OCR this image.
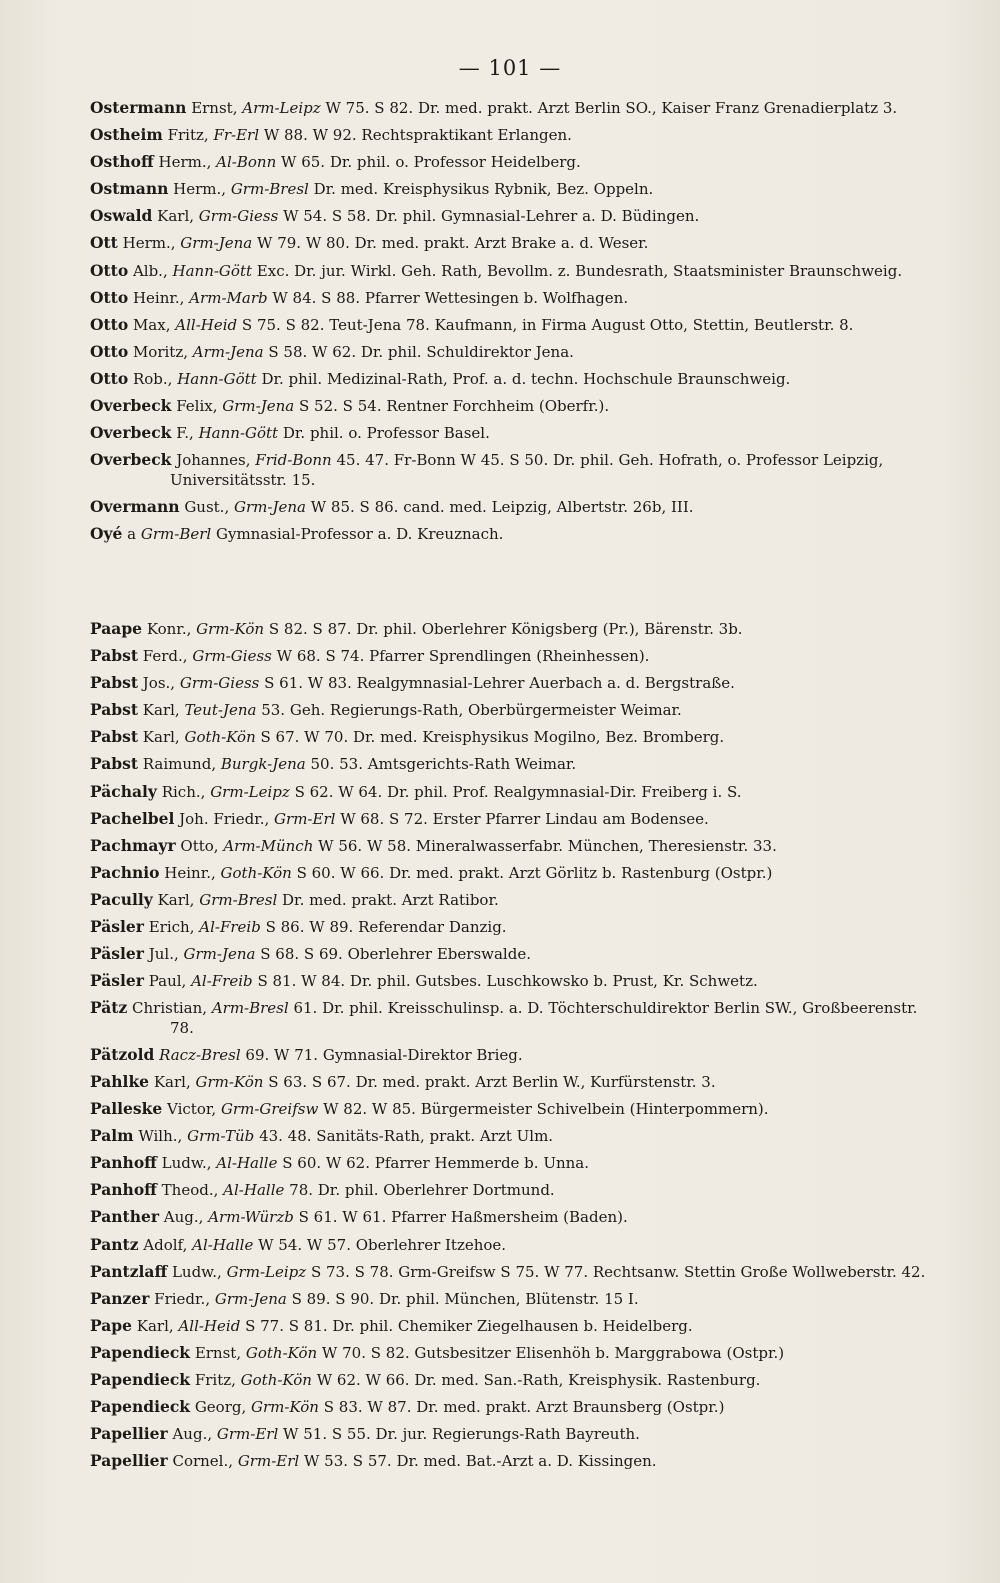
— 101 —
Ostermann Ernst, Arm-Leipz W 75. S 82. Dr. med. prakt. Arzt Berlin SO., Kaiser Franz Grenadierplatz 3.
Ostheim Fritz, Fr-Erl W 88. W 92. Rechtspraktikant Erlangen.
Osthoff Herm., Al-Bonn W 65. Dr. phil. o. Professor Heidelberg.
Ostmann Herm., Grm-Bresl Dr. med. Kreisphysikus Rybnik, Bez. Oppeln.
Oswald Karl, Grm-Giess W 54. S 58. Dr. phil. Gymnasial-Lehrer a. D. Büdingen.
Ott Herm., Grm-Jena W 79. W 80. Dr. med. prakt. Arzt Brake a. d. Weser.
Otto Alb., Hann-Gött Exc. Dr. jur. Wirkl. Geh. Rath, Bevollm. z. Bundesrath, Staatsminister Braunschweig.
Otto Heinr., Arm-Marb W 84. S 88. Pfarrer Wettesingen b. Wolfhagen.
Otto Max, All-Heid S 75. S 82. Teut-Jena 78. Kaufmann, in Firma August Otto, Stettin, Beutlerstr. 8.
Otto Moritz, Arm-Jena S 58. W 62. Dr. phil. Schuldirektor Jena.
Otto Rob., Hann-Gött Dr. phil. Medizinal-Rath, Prof. a. d. techn. Hochschule Braunschweig.
Overbeck Felix, Grm-Jena S 52. S 54. Rentner Forchheim (Oberfr.).
Overbeck F., Hann-Gött Dr. phil. o. Professor Basel.
Overbeck Johannes, Frid-Bonn 45. 47. Fr-Bonn W 45. S 50. Dr. phil. Geh. Hofrath, o. Professor Leipzig, Universitätsstr. 15.
Overmann Gust., Grm-Jena W 85. S 86. cand. med. Leipzig, Albertstr. 26b, III.
Oyé a Grm-Berl Gymnasial-Professor a. D. Kreuznach.
Paape Konr., Grm-Kön S 82. S 87. Dr. phil. Oberlehrer Königsberg (Pr.), Bärenstr. 3b.
Pabst Ferd., Grm-Giess W 68. S 74. Pfarrer Sprendlingen (Rheinhessen).
Pabst Jos., Grm-Giess S 61. W 83. Realgymnasial-Lehrer Auerbach a. d. Bergstraße.
Pabst Karl, Teut-Jena 53. Geh. Regierungs-Rath, Oberbürgermeister Weimar.
Pabst Karl, Goth-Kön S 67. W 70. Dr. med. Kreisphysikus Mogilno, Bez. Bromberg.
Pabst Raimund, Burgk-Jena 50. 53. Amtsgerichts-Rath Weimar.
Pächaly Rich., Grm-Leipz S 62. W 64. Dr. phil. Prof. Realgymnasial-Dir. Freiberg i. S.
Pachelbel Joh. Friedr., Grm-Erl W 68. S 72. Erster Pfarrer Lindau am Bodensee.
Pachmayr Otto, Arm-Münch W 56. W 58. Mineralwasserfabr. München, Theresienstr. 33.
Pachnio Heinr., Goth-Kön S 60. W 66. Dr. med. prakt. Arzt Görlitz b. Rastenburg (Ostpr.)
Pacully Karl, Grm-Bresl Dr. med. prakt. Arzt Ratibor.
Päsler Erich, Al-Freib S 86. W 89. Referendar Danzig.
Päsler Jul., Grm-Jena S 68. S 69. Oberlehrer Eberswalde.
Päsler Paul, Al-Freib S 81. W 84. Dr. phil. Gutsbes. Luschkowsko b. Prust, Kr. Schwetz.
Pätz Christian, Arm-Bresl 61. Dr. phil. Kreisschulinsp. a. D. Töchterschuldirektor Berlin SW., Großbeerenstr. 78.
Pätzold Racz-Bresl 69. W 71. Gymnasial-Direktor Brieg.
Pahlke Karl, Grm-Kön S 63. S 67. Dr. med. prakt. Arzt Berlin W., Kurfürstenstr. 3.
Palleske Victor, Grm-Greifsw W 82. W 85. Bürgermeister Schivelbein (Hinterpommern).
Palm Wilh., Grm-Tüb 43. 48. Sanitäts-Rath, prakt. Arzt Ulm.
Panhoff Ludw., Al-Halle S 60. W 62. Pfarrer Hemmerde b. Unna.
Panhoff Theod., Al-Halle 78. Dr. phil. Oberlehrer Dortmund.
Panther Aug., Arm-Würzb S 61. W 61. Pfarrer Haßmersheim (Baden).
Pantz Adolf, Al-Halle W 54. W 57. Oberlehrer Itzehoe.
Pantzlaff Ludw., Grm-Leipz S 73. S 78. Grm-Greifsw S 75. W 77. Rechtsanw. Stettin Große Wollweberstr. 42.
Panzer Friedr., Grm-Jena S 89. S 90. Dr. phil. München, Blütenstr. 15 I.
Pape Karl, All-Heid S 77. S 81. Dr. phil. Chemiker Ziegelhausen b. Heidelberg.
Papendieck Ernst, Goth-Kön W 70. S 82. Gutsbesitzer Elisenhöh b. Marggrabowa (Ostpr.)
Papendieck Fritz, Goth-Kön W 62. W 66. Dr. med. San.-Rath, Kreisphysik. Rastenburg.
Papendieck Georg, Grm-Kön S 83. W 87. Dr. med. prakt. Arzt Braunsberg (Ostpr.)
Papellier Aug., Grm-Erl W 51. S 55. Dr. jur. Regierungs-Rath Bayreuth.
Papellier Cornel., Grm-Erl W 53. S 57. Dr. med. Bat.-Arzt a. D. Kissingen.
